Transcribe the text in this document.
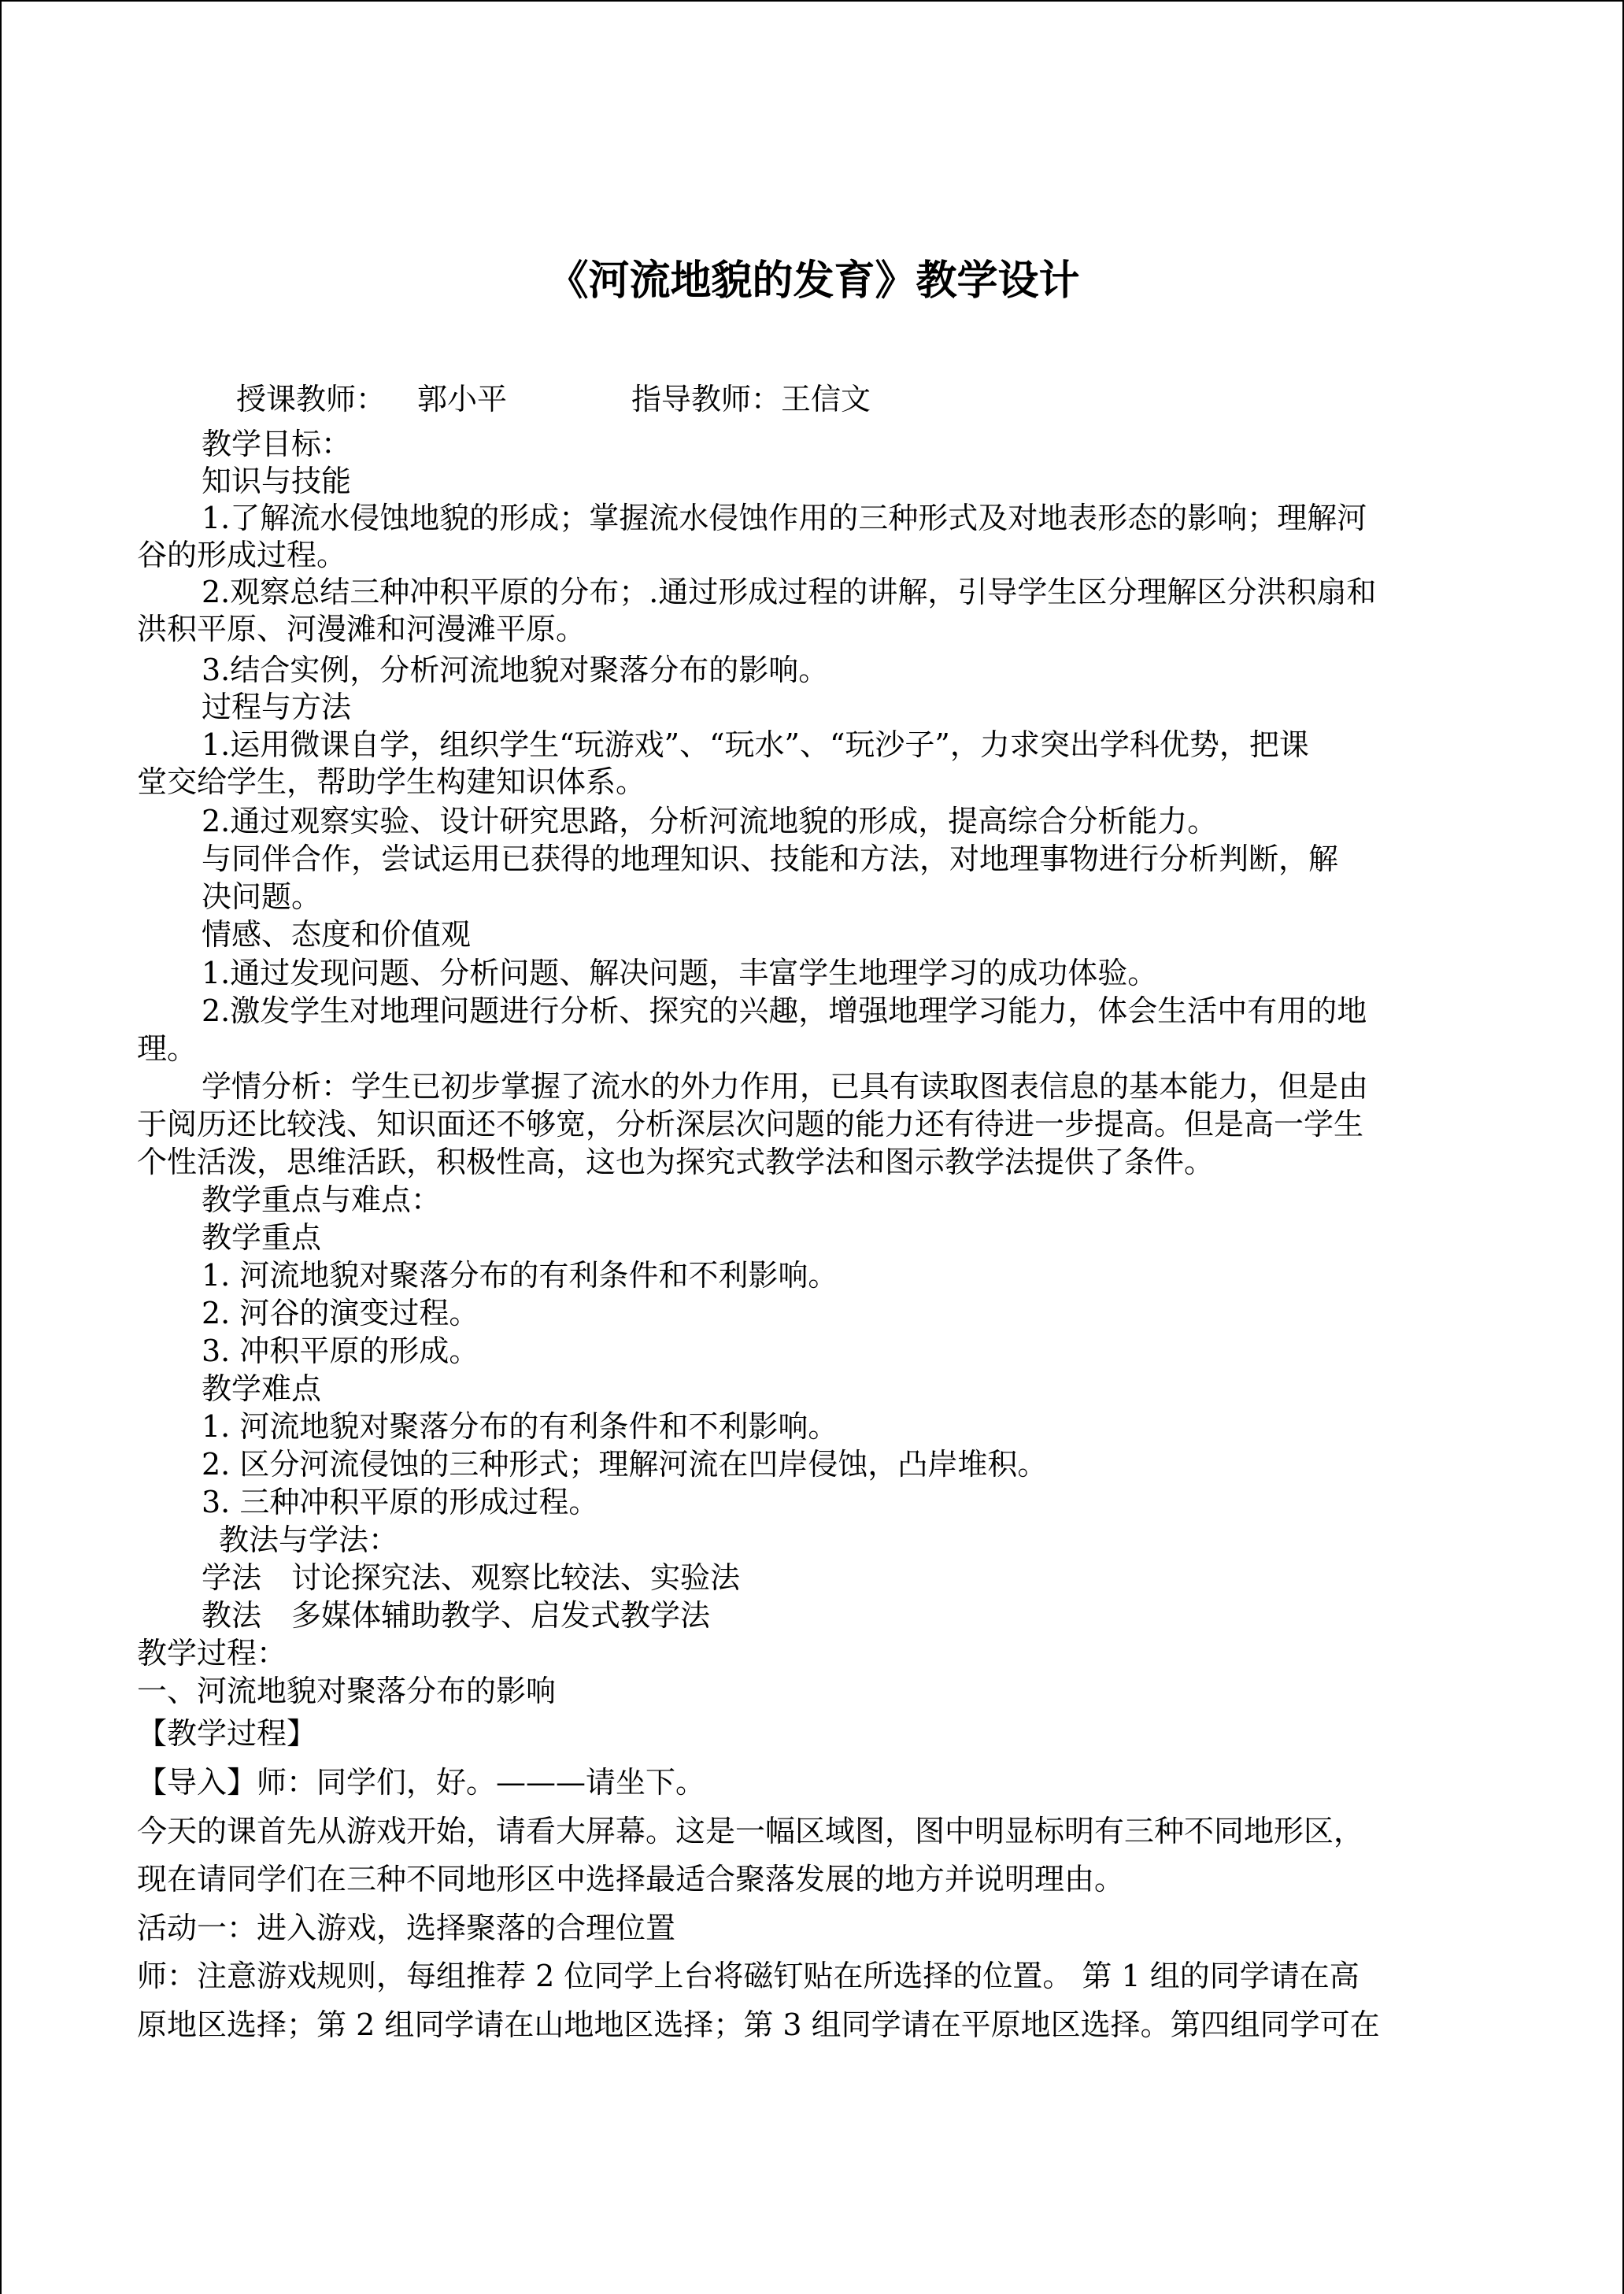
《河流地貌的发育》教学设计
授课教师： 郭小平	指导教师：王信文
教学目标：
知识与技能
1.了解流水侵蚀地貌的形成；掌握流水侵蚀作用的三种形式及对地表形态的影响；理解河
谷的形成过程。
2.观察总结三种冲积平原的分布；.通过形成过程的讲解，引导学生区分理解区分洪积扇和
洪积平原、河漫滩和河漫滩平原。
3.结合实例，分析河流地貌对聚落分布的影响。
过程与方法
1.运用微课自学，组织学生“玩游戏”、“玩水”、“玩沙子”，力求突出学科优势，把课
堂交给学生，帮助学生构建知识体系。
2.通过观察实验、设计研究思路，分析河流地貌的形成，提高综合分析能力。
与同伴合作，尝试运用已获得的地理知识、技能和方法，对地理事物进行分析判断，解
决问题。
情感、态度和价值观
1.通过发现问题、分析问题、解决问题，丰富学生地理学习的成功体验。
2.激发学生对地理问题进行分析、探究的兴趣，增强地理学习能力，体会生活中有用的地
理。
学情分析：学生已初步掌握了流水的外力作用，已具有读取图表信息的基本能力，但是由
于阅历还比较浅、知识面还不够宽，分析深层次问题的能力还有待进一步提高。但是高一学生
个性活泼，思维活跃，积极性高，这也为探究式教学法和图示教学法提供了条件。
教学重点与难点：
教学重点
1. 河流地貌对聚落分布的有利条件和不利影响。
2. 河谷的演变过程。
3. 冲积平原的形成。
教学难点
1. 河流地貌对聚落分布的有利条件和不利影响。
2. 区分河流侵蚀的三种形式；理解河流在凹岸侵蚀，凸岸堆积。
3. 三种冲积平原的形成过程。
教法与学法：
学法　讨论探究法、观察比较法、实验法
教法　多媒体辅助教学、启发式教学法
教学过程：
一、河流地貌对聚落分布的影响
【教学过程】
【导入】师：同学们，好。———请坐下。
今天的课首先从游戏开始，请看大屏幕。这是一幅区域图，图中明显标明有三种不同地形区，
现在请同学们在三种不同地形区中选择最适合聚落发展的地方并说明理由。
活动一：进入游戏，选择聚落的合理位置
师：注意游戏规则，每组推荐 2 位同学上台将磁钉贴在所选择的位置。 第 1 组的同学请在高
原地区选择；第 2 组同学请在山地地区选择；第 3 组同学请在平原地区选择。第四组同学可在
